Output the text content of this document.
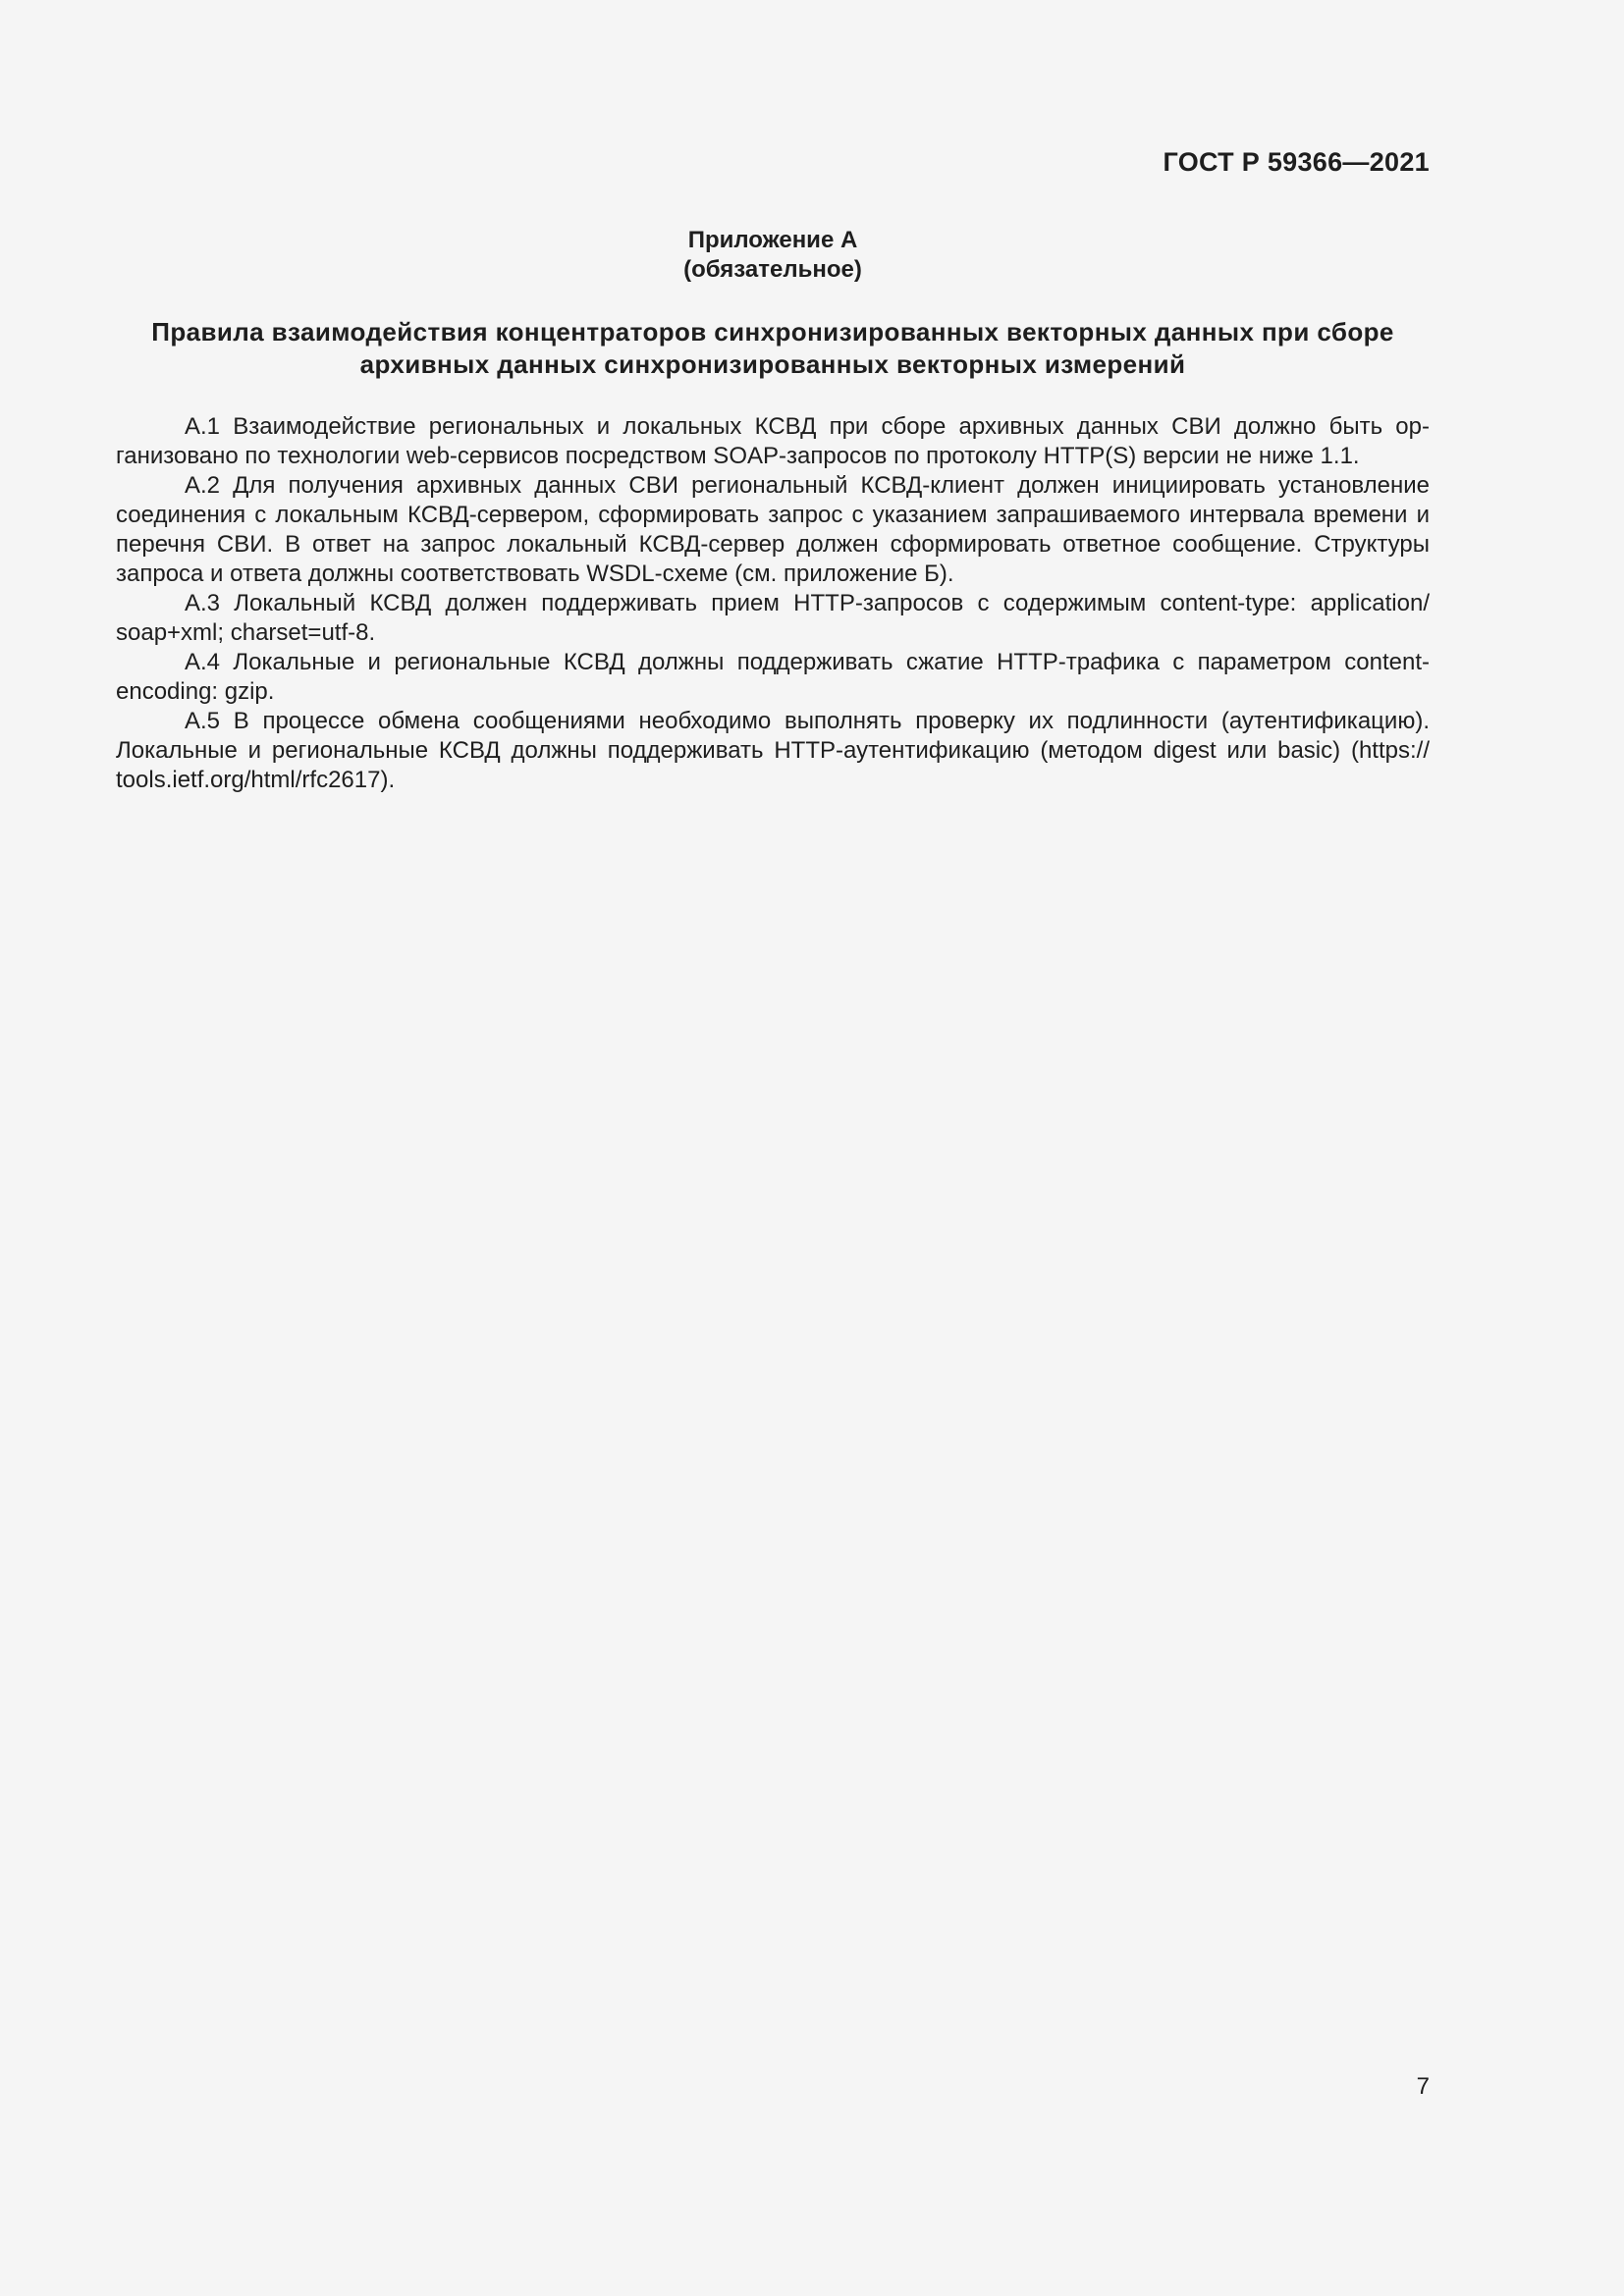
ГОСТ Р 59366—2021
Приложение А
(обязательное)
Правила взаимодействия концентраторов синхронизированных векторных данных при сборе
архивных данных синхронизированных векторных измерений

А.1 Взаимодействие региональных и локальных КСВД при сборе архивных данных СВИ должно быть организовано по технологии web-сервисов посредством SOAP-запросов по протоколу HTTP(S) версии не ниже 1.1.

А.2 Для получения архивных данных СВИ региональный КСВД-клиент должен инициировать установление соединения с локальным КСВД-сервером, сформировать запрос с указанием запрашиваемого интервала времени и перечня СВИ. В ответ на запрос локальный КСВД-сервер должен сформировать ответное сообщение. Структуры запроса и ответа должны соответствовать WSDL-схеме (см. приложение Б).

А.3 Локальный КСВД должен поддерживать прием HTTP-запросов с содержимым content-type: application/​soap+xml; charset=utf-8.

А.4 Локальные и региональные КСВД должны поддерживать сжатие HTTP-трафика с параметром content-​encoding: gzip.

А.5 В процессе обмена сообщениями необходимо выполнять проверку их подлинности (аутентификацию). Локальные и региональные КСВД должны поддерживать HTTP-аутентификацию (методом digest или basic) (https://​tools.ietf.org/html/rfc2617).

7
